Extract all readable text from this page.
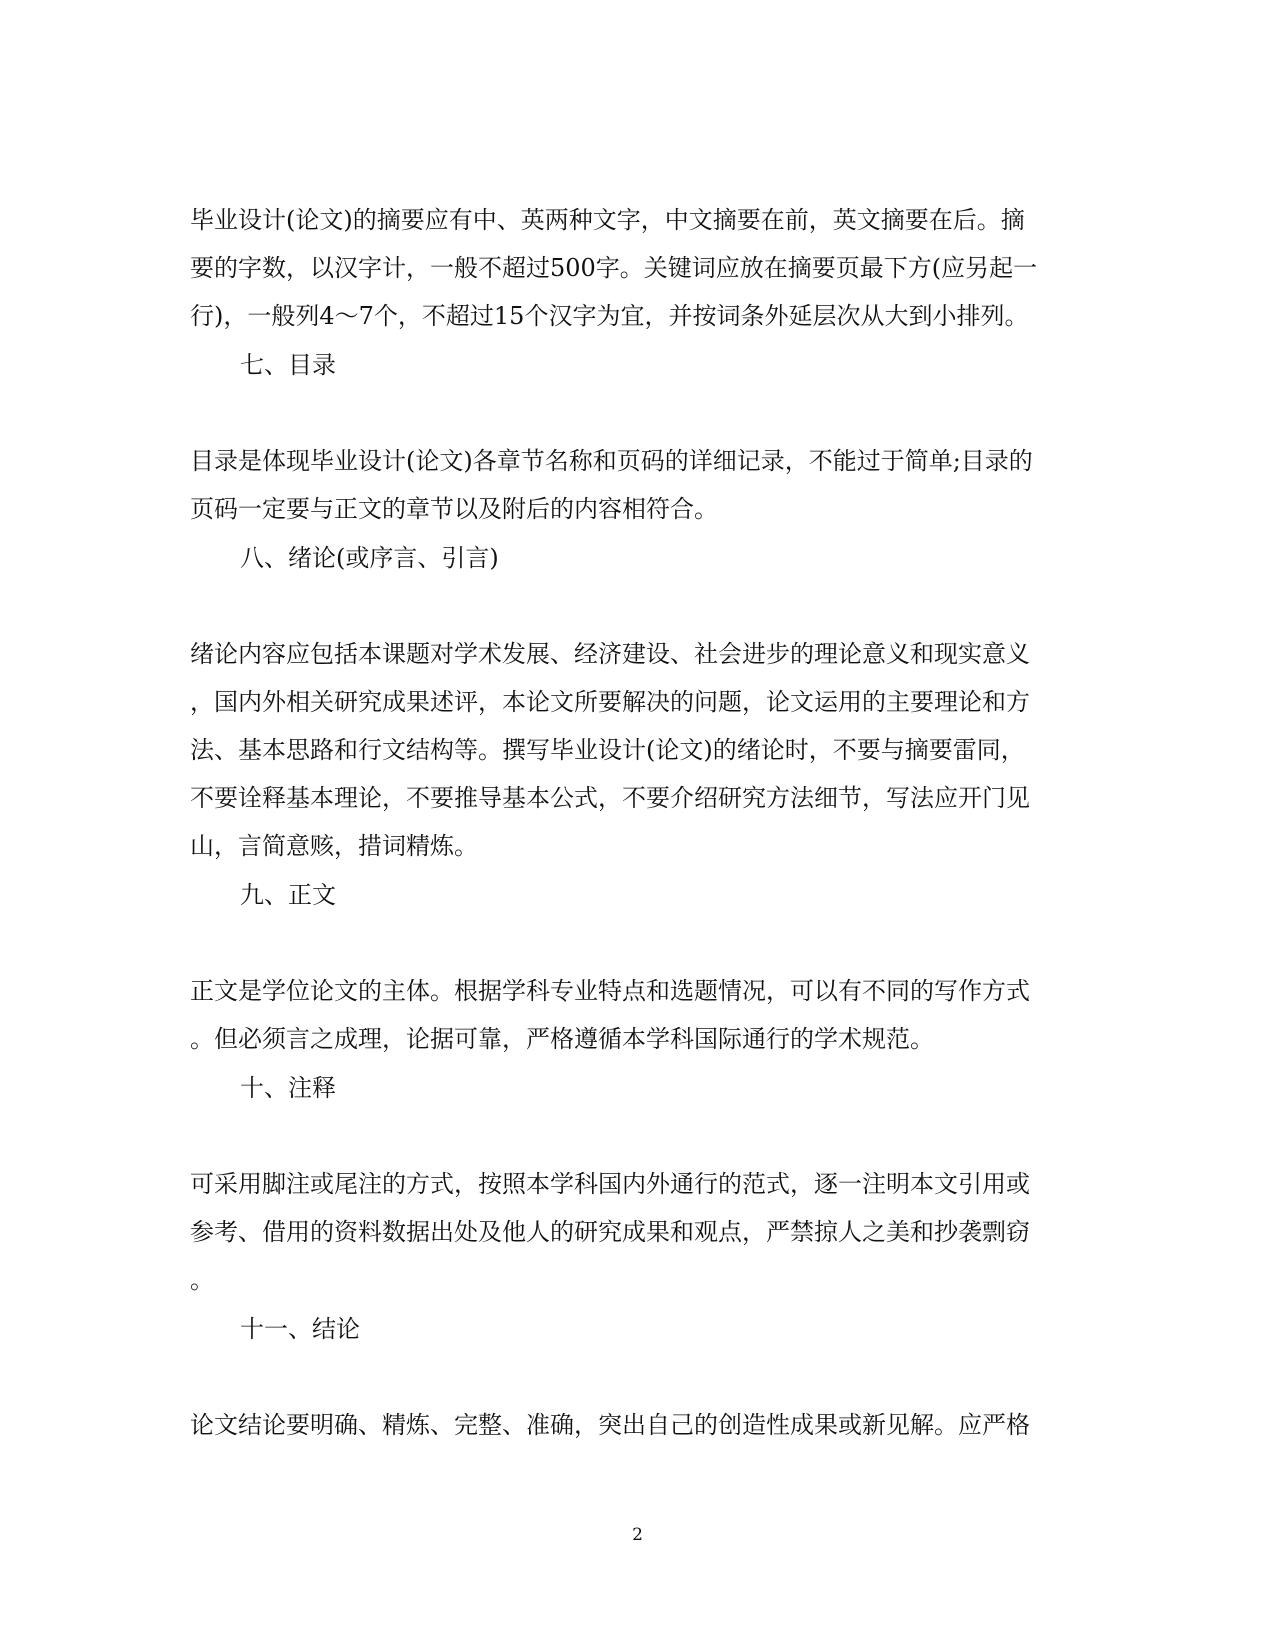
毕业设计(论文)的摘要应有中、英两种文字，中文摘要在前，英文摘要在后。摘
要的字数，以汉字计，一般不超过500字。关键词应放在摘要页最下方(应另起一
行)，一般列4～7个，不超过15个汉字为宜，并按词条外延层次从大到小排列。
七、目录
目录是体现毕业设计(论文)各章节名称和页码的详细记录，不能过于简单;目录的
页码一定要与正文的章节以及附后的内容相符合。
八、绪论(或序言、引言)
绪论内容应包括本课题对学术发展、经济建设、社会进步的理论意义和现实意义
，国内外相关研究成果述评，本论文所要解决的问题，论文运用的主要理论和方
法、基本思路和行文结构等。撰写毕业设计(论文)的绪论时，不要与摘要雷同，
不要诠释基本理论，不要推导基本公式，不要介绍研究方法细节，写法应开门见
山，言简意赅，措词精炼。
九、正文
正文是学位论文的主体。根据学科专业特点和选题情况，可以有不同的写作方式
。但必须言之成理，论据可靠，严格遵循本学科国际通行的学术规范。
十、注释
可采用脚注或尾注的方式，按照本学科国内外通行的范式，逐一注明本文引用或
参考、借用的资料数据出处及他人的研究成果和观点，严禁掠人之美和抄袭剽窃
。
十一、结论
论文结论要明确、精炼、完整、准确，突出自己的创造性成果或新见解。应严格
2
